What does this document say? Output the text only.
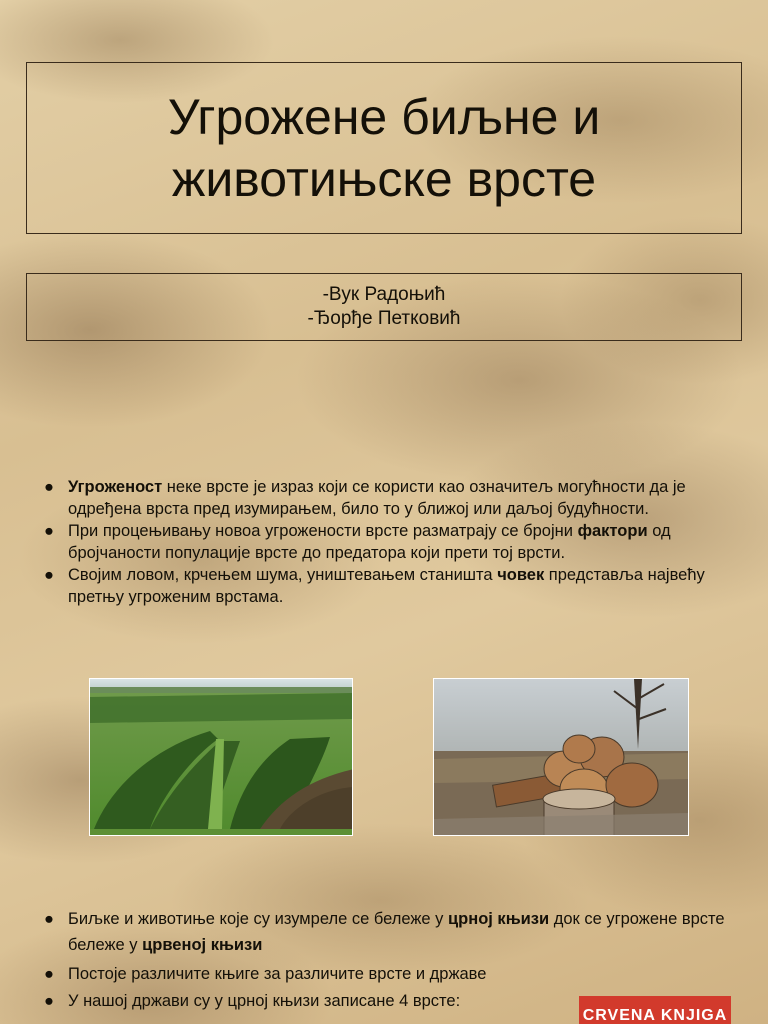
Угрожене биљне и
животињске врсте
-Вук Радоњић
-Ђорђе Петковић
● Угроженост неке врсте је израз који се користи као означитељ могућности да је одређена врста пред изумирањем, било то у ближој или даљој будућности.
● При процењивању новоа угрожености врсте разматрају се бројни фактори од бројчаности популације врсте до предатора који прети тој врсти.
● Својим ловом, крчењем шума, уништевањем станишта човек представља највећу претњу угроженим врстама.
● Биљке и животиње које су изумреле се бележе у црној књизи док се угрожене врсте бележе у црвеној књизи
● Постоје различите књиге за различите врсте и државе
● У нашој држави су у црној књизи записане 4 врсте:
CRVENA KNJIGA
